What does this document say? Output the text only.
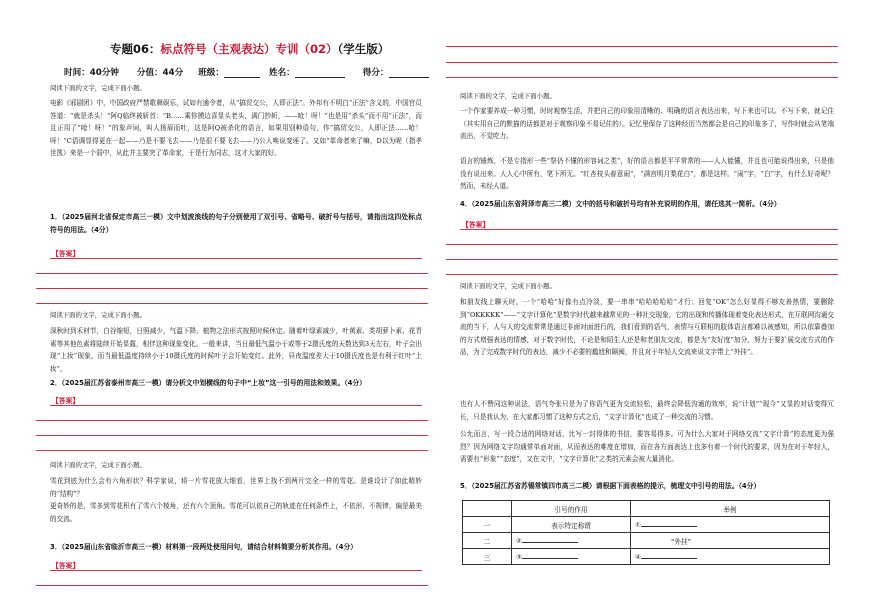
专题06：标点符号（主观表达）专训（02）（学生版）
时间：40分钟 分值：44分 班级：	姓名：	得分：
阅读下面的文字，完成下面小题。
电影《邪剧团》中，中国政府严禁歌舞娱乐，试如有逾令者，从“搞贸交公，人即正法”。外邦有不明白“正法”含义的，中国官员答道：“就是杀头！”阿Q临终被斩首：“B……乘你摸边喜显头老头，满门抄斩，——呛！呀！”也是用“杀头”而不用“正法”，而且正用了“呛！呀！”的象声词，叫人扬眉而吐，这是阿Q被杀化的语言，如果用别种语句，作“搞贸交公，人即正法……呛！呀！”C语调显得更在一起——乃是不要飞去——乃是很不要飞去——乃公人唤说变诬了。又如“革命者来了嘛，D以为呢（指孝世凯）来是一个弱中，从此并主要突了革命家，于是行为同志，这才大家的好。
1．（2025届河北省保定市高三一模）文中划波浪线的句子分别使用了双引号、省略号、破折号与括号，请指出这四处标点符号的用法。（4分）
【答案】
阅读下面的文字，完成下面小题。
深秋时到禾材节，白谷缩短，日照减少，气温下降，植物之法形式按照时候休定。随着叶绿素减少，叶黄素、类胡萝卜素、花青素等其他色素将陆续开始显露，相伴这种现象变化。一般来讲，当日最低气温小于或等于2摄氏度的天数达到3天左右，叶子会出现“上妆”现象，而当最低温度持续小于10摄氏度的时候叶子会开始变红。此外，昼夜温度差大于10摄氏度也是有利于红叶“上妆”。
2．（2025届江苏省泰州市高三一模）请分析文中划横线的句子中“上妆”这一引号的用法和效果。（4分）
【答案】
阅读下面的文字，完成下面小题。
雪花到底为什么会有六角形状？科学家说，将一片雪花放大细看，世界上找不到两片完全一样的雪花。是谁设计了如此精妙的“结构”？
更奇妙的是，雪多到雪花积有了雪六个棱角，还有六个顶角。雪花可以依自己的轨迹在任何条件上，不依形，不规律，偏是最美的交流。
3．（2025届山东省临沂市高三一模）材料第一段两处使用问句，请结合材料简要分析其作用。（4分）
【答案】
阅读下面的文字，完成下面小题。
一个作家要养成一种习惯，时时观察生活，并把自己的印象用清晰的、明确的语言表达出来，写下来也可以。不写下来，就记住（其实用自己的默描的话都是对于观察印象不易记住的）。记忆里保存了这种经历当然都会是自己的印象多了，写作时就会从笔端流出，不觉吃力。
语言的锤炼，不是专指形一些“祭仍不懂的形容词之类”，好的语言都是平平常常的——人人能懂，并且也可能说得出来，只是他没有说出来。人人心中所有，笔下所无。“红杏枝头春意闹”，“满宫明月梨花白”，都是这样。“闹”字，“白”字，有什么好奇呢？然而，未经人道。
4．（2025届山东省菏泽市高三二模）文中的括号和破折号均有补充说明的作用，请任选其一简析。（4分）
【答案】
阅读下面的文字，完成下面小题。
和朋友线上聊天时，一个“哈哈”好像有点冷淡，要一串串“哈哈哈哈哈”才行；回复“OK”怎么好显得不够友善热情，要删除到“OKKKKK”——“文字计算化”是数字时代越来越常见的一种社交现象，它的出现和传播体现着变化表达形式，在互联网沟通交流的当下，人与人的交流常常是通过非面对面进行的，我们看到的语气，表情与互联相的肢体语言都难以被感知，所以依靠叠加的方式增强表达的情感，对于数字时代，不论是和陌生人还是和老朋友交流，都是为“友好度”加分，努力于要扩展交流方式的作品，为了完成数字时代的表达，减少不必要的尴尬和隔阂，并且对于年轻人交流来说文字带上“外挂”。
也有人不赞同这种说法，语气夸张只是为了你语气更为交流轻松，最终会降低沟通的效率，说“计划”“现今”又显的对话变得冗长，只是我认为，在大家都习惯了这种方式之后，“文字计算化”也成了一种交流的习惯。
公允而言，写一段合适的网络对话，比写一封得体的书信，要容易得多。可为什么大家对于网络交流“文字计算”的态度更为强烈？因为网络文字均通常单面对面，从而表达的难度在增加，而在各方面表达上也多有着一个时代的要求，因为在对于年轻人，需要有“形象”“态度”，又在文中，“文字计算化”之类的元素会被大量消化。
5．（2025届江苏省苏锡常镇四市高三二模）请根据下面表格的提示，梳理文中引号的用法。（4分）
	引号的作用	举例
一	表示特定称谓	①
二	②	“外挂”
三	③	④
